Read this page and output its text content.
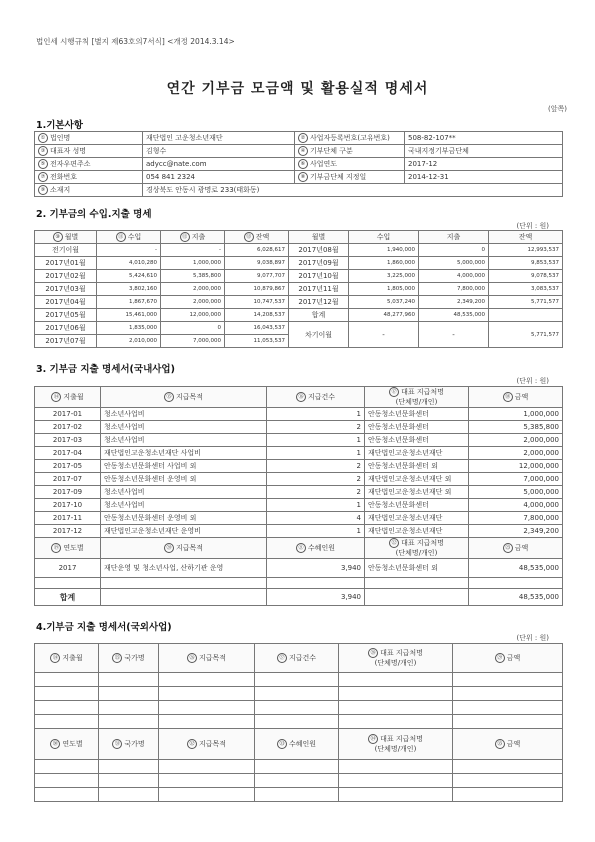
법인세 시행규칙 [별지 제63호의7서식] <개정 2014.3.14>
연간 기부금 모금액 및 활용실적 명세서
(앞쪽)
1.기본사항
① 법인명	재단법인 고운청소년재단	② 사업자등록번호(고유번호)	508-82-107**
③ 대표자 성명	김형수	④ 기부단체 구분	국내지정기부금단체
⑤ 전자우편주소	adycc@nate.com	⑥ 사업연도	2017-12
⑦ 전화번호	054 841 2324	⑧ 기부금단체 지정일	2014-12-31
⑨ 소재지	경상북도 안동시 광명로 233(태화동)		
2. 기부금의 수입.지출 명세
(단위 : 원)
⑩ 월별	⑪ 수입	⑫ 지출	⑬ 잔액	월별	수입	지출	잔액
전기이월	-	-	6,028,617	2017년08월	1,940,000	0	12,993,537
2017년01월	4,010,280	1,000,000	9,038,897	2017년09월	1,860,000	5,000,000	9,853,537
2017년02월	5,424,610	5,385,800	9,077,707	2017년10월	3,225,000	4,000,000	9,078,537
2017년03월	3,802,160	2,000,000	10,879,867	2017년11월	1,805,000	7,800,000	3,083,537
2017년04월	1,867,670	2,000,000	10,747,537	2017년12월	5,037,240	2,349,200	5,771,577
2017년05월	15,461,000	12,000,000	14,208,537	합계	48,277,960	48,535,000	
2017년06월	1,835,000	0	16,043,537	차기이월	-	-	5,771,577
2017년07월	2,010,000	7,000,000	11,053,537				
3. 기부금 지출 명세서(국내사업)
(단위 : 원)
⑭ 지출월	⑮ 지급목적	⑯ 지급건수	⑰ 대표 지급처명
(단체명/개인)	⑱ 금액
2017-01	청소년사업비	1	안동청소년문화센터	1,000,000
2017-02	청소년사업비	2	안동청소년문화센터	5,385,800
2017-03	청소년사업비	1	안동청소년문화센터	2,000,000
2017-04	재단법인고운청소년재단 사업비	1	재단법인고운청소년재단	2,000,000
2017-05	안동청소년문화센터 사업비 외	2	안동청소년문화센터 외	12,000,000
2017-07	안동청소년문화센터 운영비 외	2	재단법인고운청소년재단 외	7,000,000
2017-09	청소년사업비	2	재단법인고운청소년재단 외	5,000,000
2017-10	청소년사업비	1	안동청소년문화센터	4,000,000
2017-11	안동청소년문화센터 운영비 외	4	재단법인고운청소년재단	7,800,000
2017-12	재단법인고운청소년재단 운영비	1	재단법인고운청소년재단	2,349,200
⑲ 연도별	⑳ 지급목적	㉑ 수혜인원	㉒ 대표 지급처명
(단체명/개인)	㉓ 금액
2017	재단운영 및 청소년사업, 산하기관 운영	3,940	안동청소년문화센터 외	48,535,000

합계		3,940		48,535,000
4.기부금 지출 명세서(국외사업)
(단위 : 원)
㉔ 지출월	㉕ 국가명	㉖ 지급목적	㉗ 지급건수	㉘ 대표 지급처명
(단체명/개인)	㉙ 금액

㉚ 연도별	㉛ 국가명	㉜ 지급목적	㉝ 수혜인원	㉞ 대표 지급처명
(단체명/개인)	㉟ 금액
